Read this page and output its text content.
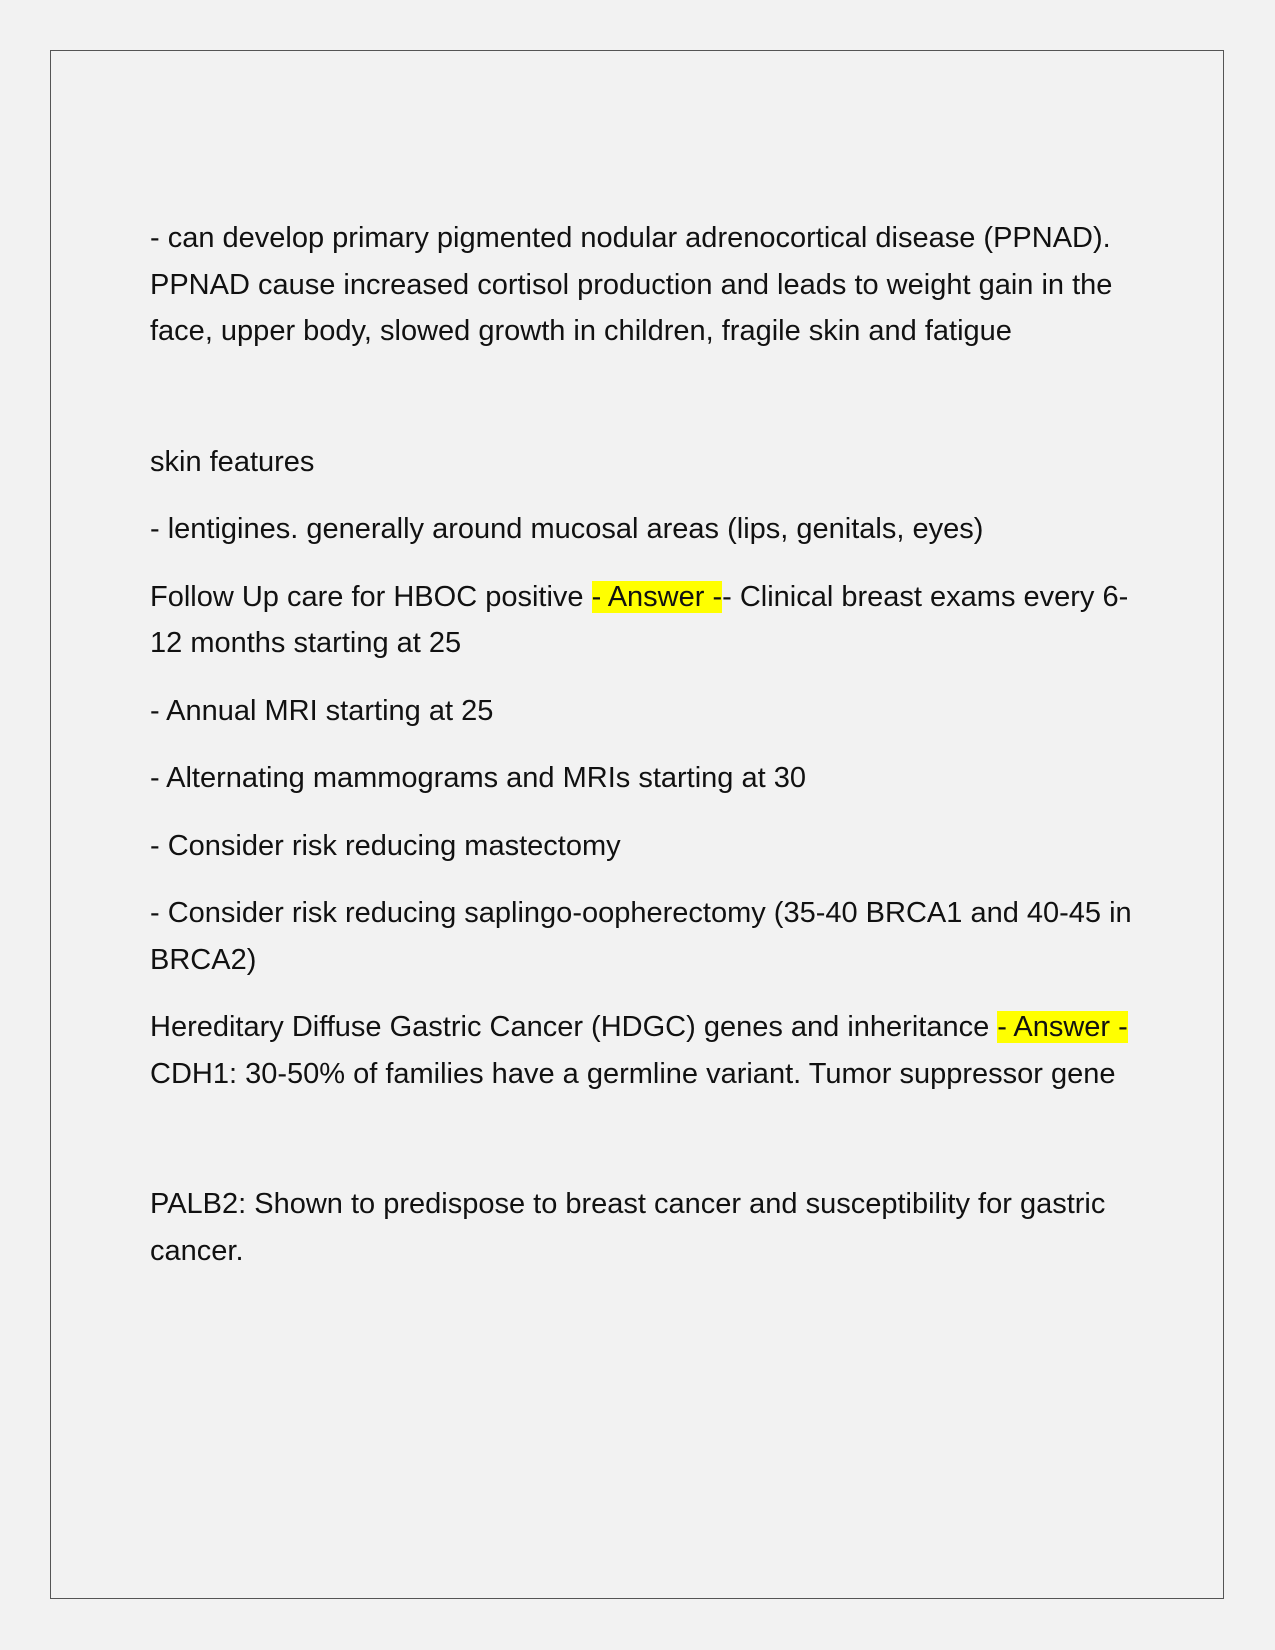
- can develop primary pigmented nodular adrenocortical disease (PPNAD). PPNAD cause increased cortisol production and leads to weight gain in the face, upper body, slowed growth in children, fragile skin and fatigue

skin features

- lentigines. generally around mucosal areas (lips, genitals, eyes)

Follow Up care for HBOC positive - Answer -- Clinical breast exams every 6-12 months starting at 25

- Annual MRI starting at 25

- Alternating mammograms and MRIs starting at 30

- Consider risk reducing mastectomy

- Consider risk reducing saplingo-oopherectomy (35-40 BRCA1 and 40-45 in BRCA2)

Hereditary Diffuse Gastric Cancer (HDGC) genes and inheritance - Answer -CDH1: 30-50% of families have a germline variant. Tumor suppressor gene

PALB2: Shown to predispose to breast cancer and susceptibility for gastric cancer.
